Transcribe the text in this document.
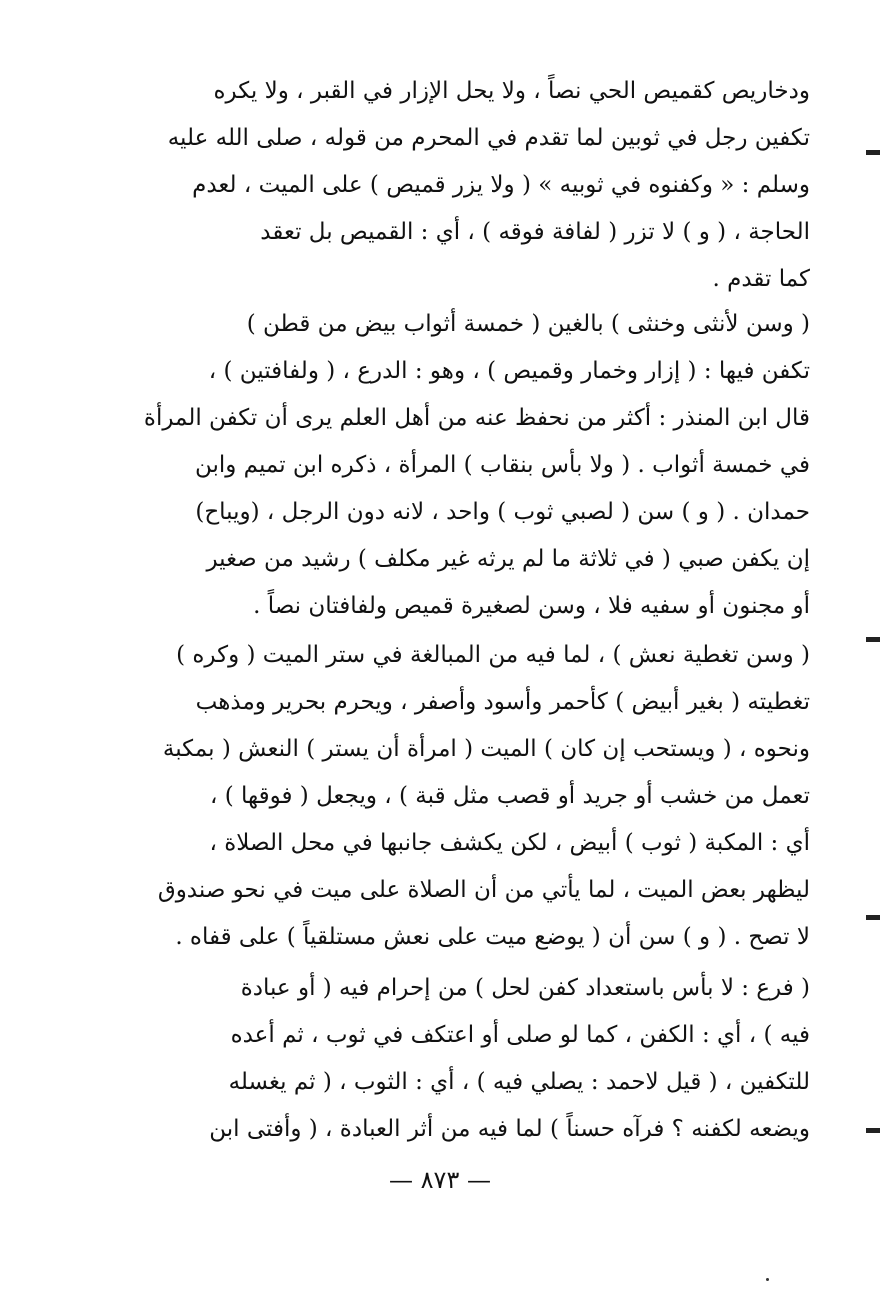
ودخاريص كقميص الحي نصاً ، ولا يحل الإزار في القبر ، ولا يكره
تكفين رجل في ثوبين لما تقدم في المحرم من قوله ، صلى الله عليه
وسلم : « وكفنوه في ثوبيه » ( ولا يزر قميص ) على الميت ، لعدم
الحاجة ، ( و ) لا تزر ( لفافة فوقه ) ، أي : القميص بل تعقد
كما تقدم .

( وسن لأنثى وخنثى ) بالغين ( خمسة أثواب بيض من قطن )
تكفن فيها : ( إزار وخمار وقميص ) ، وهو : الدرع ، ( ولفافتين ) ،
قال ابن المنذر : أكثر من نحفظ عنه من أهل العلم يرى أن تكفن المرأة
في خمسة أثواب . ( ولا بأس بنقاب ) المرأة ، ذكره ابن تميم وابن
حمدان . ( و ) سن ( لصبي ثوب ) واحد ، لانه دون الرجل ، (ويباح)
إن يكفن صبي ( في ثلاثة ما لم يرثه غير مكلف ) رشيد من صغير
أو مجنون أو سفيه فلا ، وسن لصغيرة قميص ولفافتان نصاً .

( وسن تغطية نعش ) ، لما فيه من المبالغة في ستر الميت ( وكره )
تغطيته ( بغير أبيض ) كأحمر وأسود وأصفر ، ويحرم بحرير ومذهب
ونحوه ، ( ويستحب إن كان ) الميت ( امرأة أن يستر ) النعش ( بمكبة
تعمل من خشب أو جريد أو قصب مثل قبة ) ، ويجعل ( فوقها ) ،
أي : المكبة ( ثوب ) أبيض ، لكن يكشف جانبها في محل الصلاة ،
ليظهر بعض الميت ، لما يأتي من أن الصلاة على ميت في نحو صندوق
لا تصح . ( و ) سن أن ( يوضع ميت على نعش مستلقياً ) على قفاه .

( فرع : لا بأس باستعداد كفن لحل ) من إحرام فيه ( أو عبادة
فيه ) ، أي : الكفن ، كما لو صلى أو اعتكف في ثوب ، ثم أعده
للتكفين ، ( قيل لاحمد : يصلي فيه ) ، أي : الثوب ، ( ثم يغسله
ويضعه لكفنه ؟ فرآه حسناً ) لما فيه من أثر العبادة ، ( وأفتى ابن

— ٨٧٣ —
